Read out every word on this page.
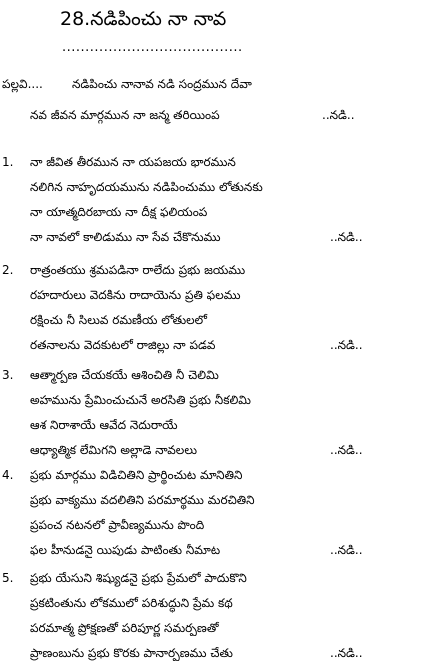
28.నడిపించు నా నావ
.......................................
పల్లవి.... నడిపించు నానావ నడి సంద్రమున దేవా
నవ జీవన మార్గమున నా జన్మ తరియింప	..నడి..
1. నా జీవిత తీరమున నా యపజయ భారమున
నలిగిన నాహృదయమును నడిపించుము లోతునకు
నా యాత్మదిరబాయ నా దీక్ష ఫలియంప
నా నావలో కాలిడుము నా సేవ చేకొనుము	..నడి..
2. రాత్రంతయు శ్రమపడినా రాలేదు ప్రభు జయము
రహదారులు వెదకిను రాదాయెను ప్రతి ఫలము
రక్షించు నీ సిలువ రమణీయ లోతులలో
రతనాలను వెదకుటలో రాజిల్లు నా పడవ	..నడి..
3. ఆత్మార్పణ చేయకయే ఆశించితి నీ చెలిమి
అహమును ప్రేమించుచునే అరసితి ప్రభు నీకలిమి
ఆశ నిరాశాయే ఆవేద నెదురాయే
ఆధ్యాత్మిక లేమిగని అల్లాడె నావలలు	..నడి..
4. ప్రభు మార్గము విడిచితిని ప్రార్థించుట మానితిని
ప్రభు వాక్యము వదలితిని పరమార్థము మరచితిని
ప్రపంచ నటనలో ప్రావీణ్యమును పొంది
ఫల హీనుడనై యిపుడు పాటింతు నీమాట	..నడి..
5. ప్రభు యేసుని శిష్యుడనై ప్రభు ప్రేమలో పాదుకొని
ప్రకటింతును లోకములో పరిశుద్ధుని ప్రేమ కథ
పరమాత్మ ప్రోక్షణతో పరిపూర్ణ సమర్పణతో
ప్రాణంబును ప్రభు కొరకు పానార్పణము చేతు	..నడి..
